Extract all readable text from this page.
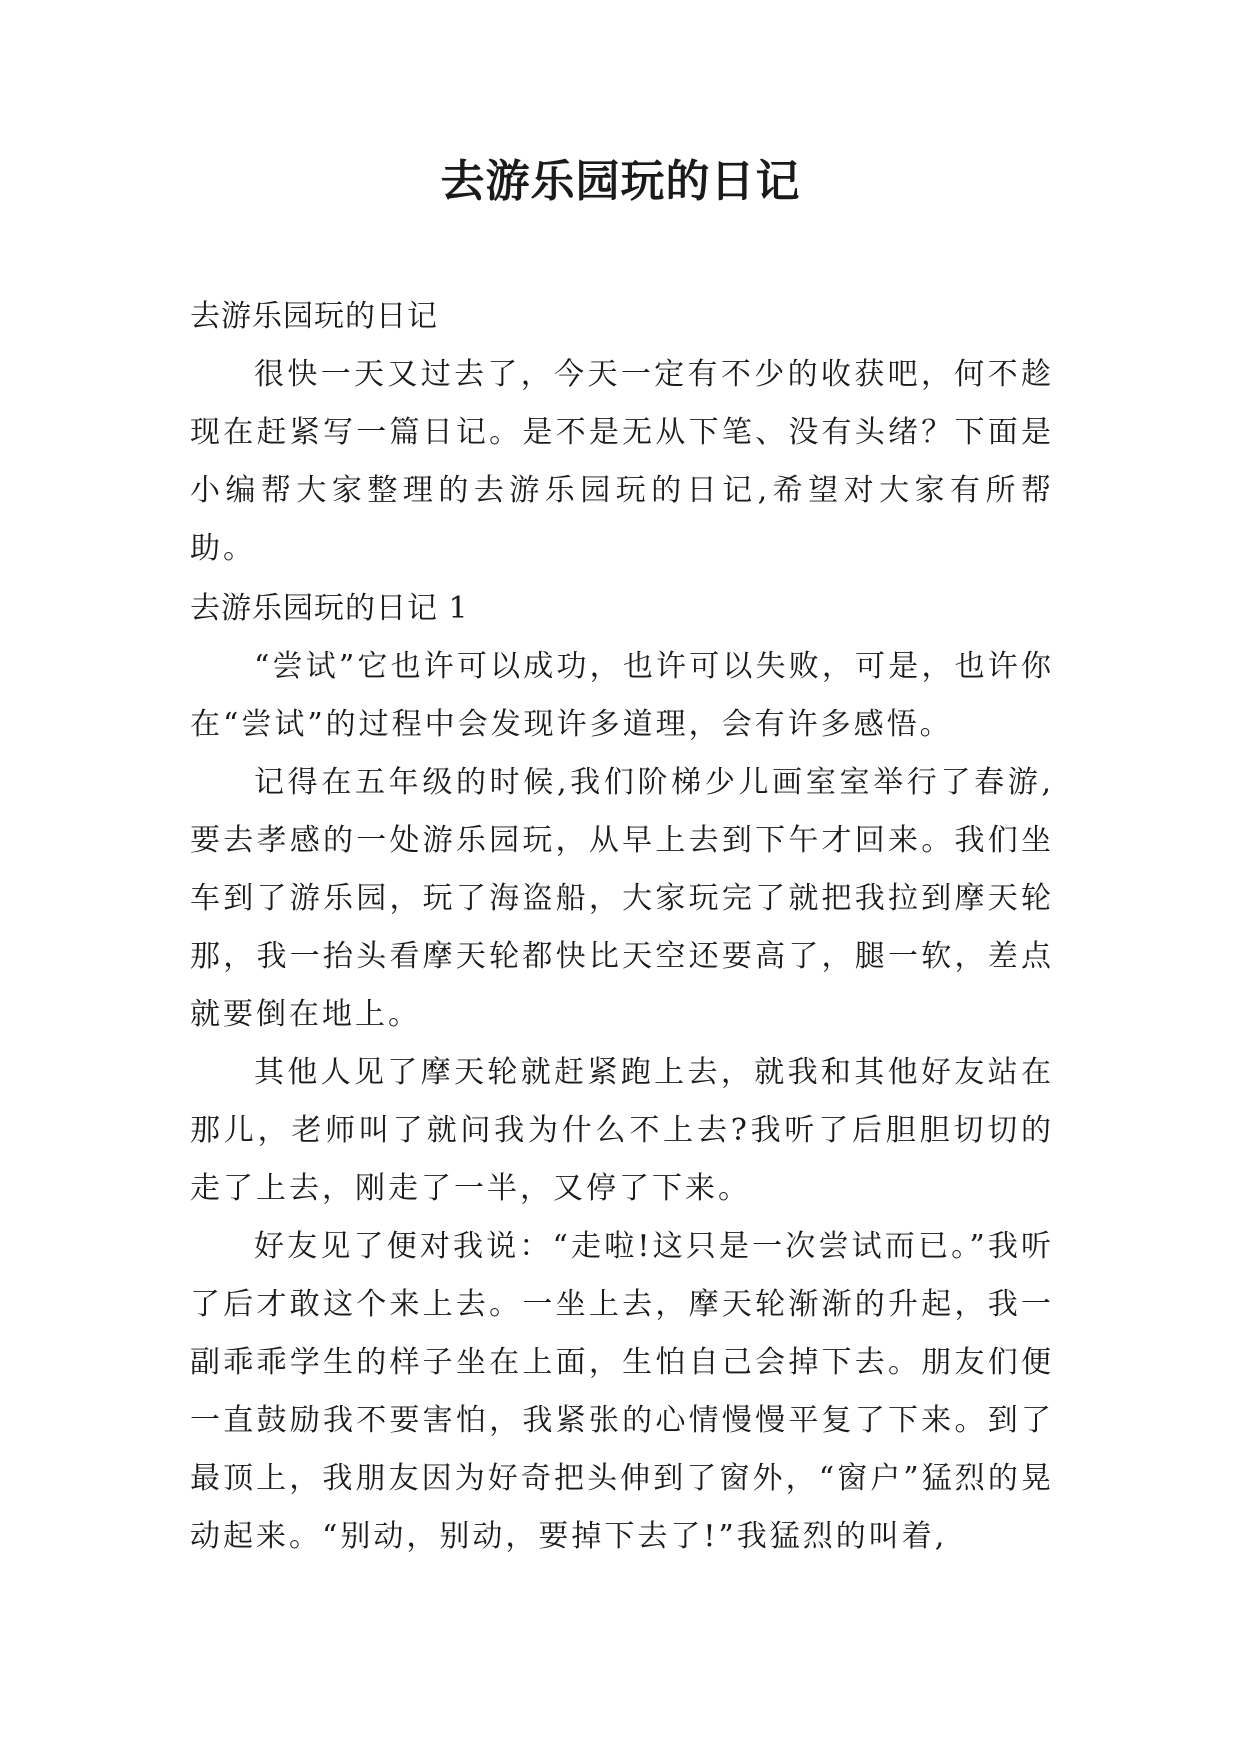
去游乐园玩的日记

去游乐园玩的日记

很快一天又过去了，今天一定有不少的收获吧，何不趁现在赶紧写一篇日记。是不是无从下笔、没有头绪？下面是小编帮大家整理的去游乐园玩的日记,希望对大家有所帮助。

去游乐园玩的日记 1

“尝试”它也许可以成功，也许可以失败，可是，也许你在“尝试”的过程中会发现许多道理，会有许多感悟。

记得在五年级的时候,我们阶梯少儿画室室举行了春游,要去孝感的一处游乐园玩，从早上去到下午才回来。我们坐车到了游乐园，玩了海盗船，大家玩完了就把我拉到摩天轮那，我一抬头看摩天轮都快比天空还要高了，腿一软，差点就要倒在地上。

其他人见了摩天轮就赶紧跑上去，就我和其他好友站在那儿，老师叫了就问我为什么不上去?我听了后胆胆切切的走了上去，刚走了一半，又停了下来。

好友见了便对我说：“走啦!这只是一次尝试而已。”我听了后才敢这个来上去。一坐上去，摩天轮渐渐的升起，我一副乖乖学生的样子坐在上面，生怕自己会掉下去。朋友们便一直鼓励我不要害怕，我紧张的心情慢慢平复了下来。到了最顶上，我朋友因为好奇把头伸到了窗外，“窗户”猛烈的晃动起来。“别动，别动，要掉下去了!”我猛烈的叫着,
